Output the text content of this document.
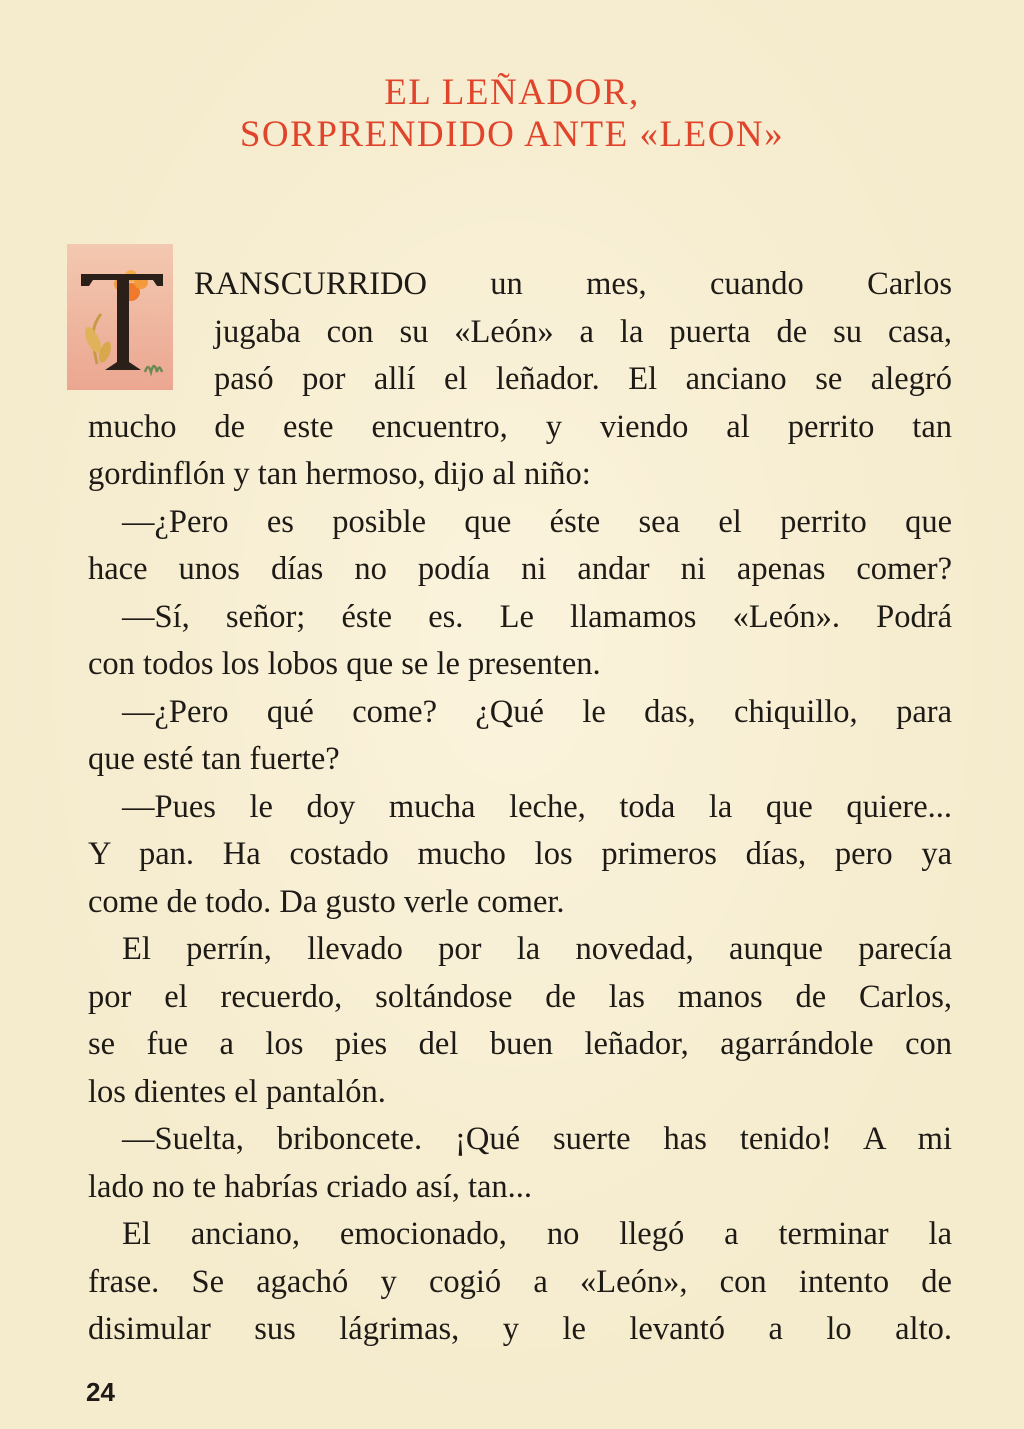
EL LEÑADOR,
SORPRENDIDO ANTE «LEON»

RANSCURRIDO un mes, cuando Carlos

jugaba con su «León» a la puerta de su casa,

pasó por allí el leñador. El anciano se alegró

mucho de este encuentro, y viendo al perrito tan

gordinflón y tan hermoso, dijo al niño:

—¿Pero es posible que éste sea el perrito que

hace unos días no podía ni andar ni apenas comer?

—Sí, señor; éste es. Le llamamos «León». Podrá

con todos los lobos que se le presenten.

—¿Pero qué come? ¿Qué le das, chiquillo, para

que esté tan fuerte?

—Pues le doy mucha leche, toda la que quiere...

Y pan. Ha costado mucho los primeros días, pero ya

come de todo. Da gusto verle comer.

El perrín, llevado por la novedad, aunque parecía

por el recuerdo, soltándose de las manos de Carlos,

se fue a los pies del buen leñador, agarrándole con

los dientes el pantalón.

—Suelta, briboncete. ¡Qué suerte has tenido! A mi

lado no te habrías criado así, tan...

El anciano, emocionado, no llegó a terminar la

frase. Se agachó y cogió a «León», con intento de

disimular sus lágrimas, y le levantó a lo alto.

24
